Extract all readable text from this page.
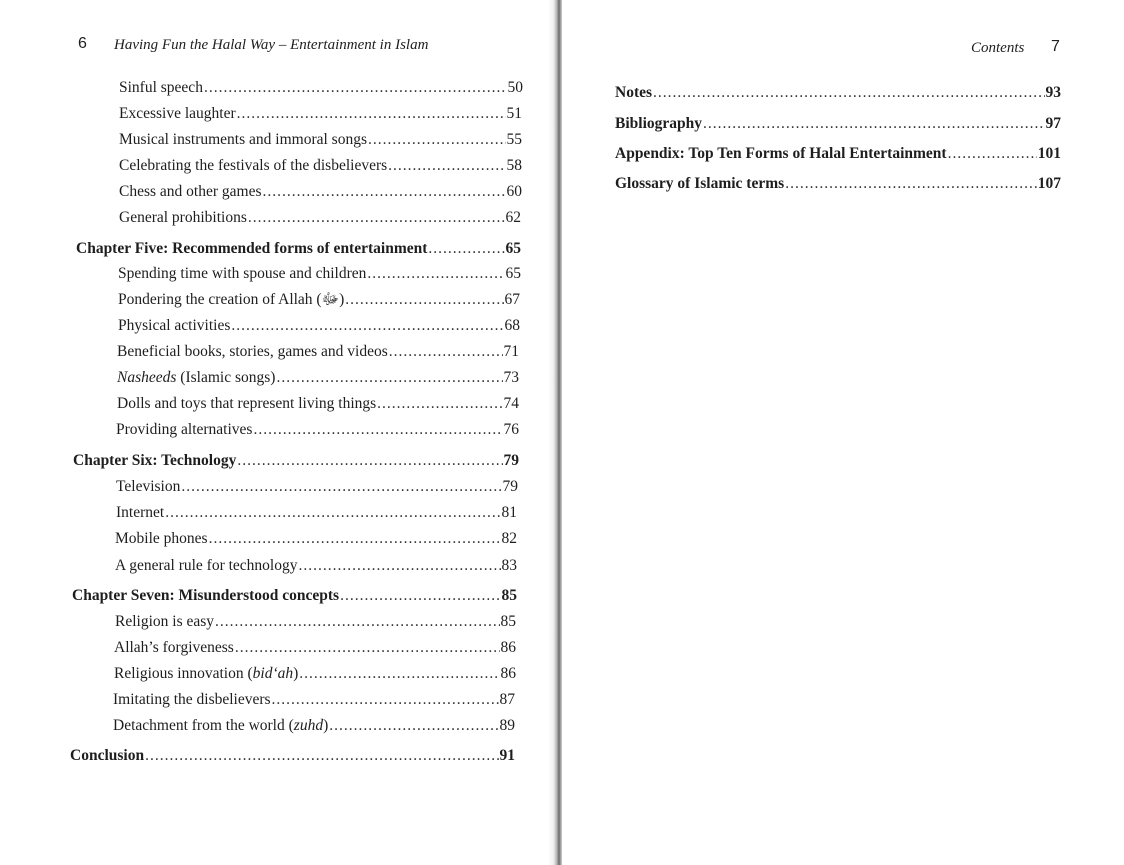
6 Having Fun the Halal Way – Entertainment in Islam
Sinful speech .....	50
Excessive laughter .....	51
Musical instruments and immoral songs .....	55
Celebrating the festivals of the disbelievers .....	58
Chess and other games .....	60
General prohibitions .....	62
Chapter Five: Recommended forms of entertainment .....	65
Spending time with spouse and children .....	65
Pondering the creation of Allah (ﷻ) .....	67
Physical activities .....	68
Beneficial books, stories, games and videos .....	71
Nasheeds (Islamic songs) .....	73
Dolls and toys that represent living things .....	74
Providing alternatives .....	76
Chapter Six: Technology .....	79
Television .....	79
Internet .....	81
Mobile phones .....	82
A general rule for technology .....	83
Chapter Seven: Misunderstood concepts .....	85
Religion is easy .....	85
Allah’s forgiveness .....	86
Religious innovation (bid‘ah) .....	86
Imitating the disbelievers .....	87
Detachment from the world (zuhd) .....	89
Conclusion .....	91
Contents 7
Notes .....	93
Bibliography .....	97
Appendix: Top Ten Forms of Halal Entertainment .....	101
Glossary of Islamic terms .....	107
